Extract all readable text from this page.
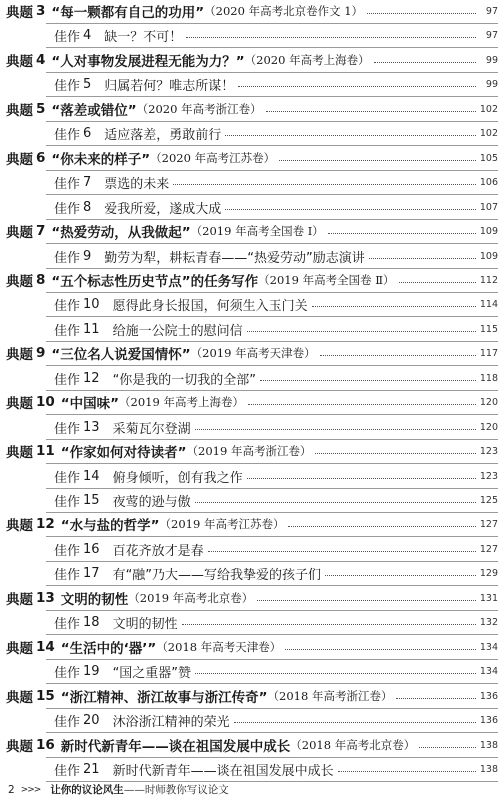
典题 3 “每一颗都有自己的功用” （2020 年高考北京卷作文 1）	97
佳作 4 缺一？不可！	97
典题 4 “人对事物发展进程无能为力？” （2020 年高考上海卷）	99
佳作 5 归属若何？唯志所谋！	99
典题 5 “落差或错位” （2020 年高考浙江卷）	102
佳作 6 适应落差，勇敢前行	102
典题 6 “你未来的样子” （2020 年高考江苏卷）	105
佳作 7 票选的未来	106
佳作 8 爱我所爱，遂成大成	107
典题 7 “热爱劳动，从我做起” （2019 年高考全国卷 Ⅰ）	109
佳作 9 勤劳为犁，耕耘青春——“热爱劳动”励志演讲	109
典题 8 “五个标志性历史节点”的任务写作 （2019 年高考全国卷 Ⅱ）	112
佳作 10 愿得此身长报国，何须生入玉门关	114
佳作 11 给施一公院士的慰问信	115
典题 9 “三位名人说爱国情怀” （2019 年高考天津卷）	117
佳作 12 “你是我的一切我的全部”	118
典题 10 “中国味” （2019 年高考上海卷）	120
佳作 13 采菊瓦尔登湖	120
典题 11 “作家如何对待读者” （2019 年高考浙江卷）	123
佳作 14 俯身倾听，创有我之作	123
佳作 15 夜莺的逊与傲	125
典题 12 “水与盐的哲学” （2019 年高考江苏卷）	127
佳作 16 百花齐放才是春	127
佳作 17 有“融”乃大——写给我挚爱的孩子们	129
典题 13 文明的韧性 （2019 年高考北京卷）	131
佳作 18 文明的韧性	132
典题 14 “生活中的‘器’” （2018 年高考天津卷）	134
佳作 19 “国之重器”赞	134
典题 15 “浙江精神、浙江故事与浙江传奇” （2018 年高考浙江卷）	136
佳作 20 沐浴浙江精神的荣光	136
典题 16 新时代新青年——谈在祖国发展中成长 （2018 年高考北京卷）	138
佳作 21 新时代新青年——谈在祖国发展中成长	138
2 >>> 让你的议论风生 ——时师教你写议论文
